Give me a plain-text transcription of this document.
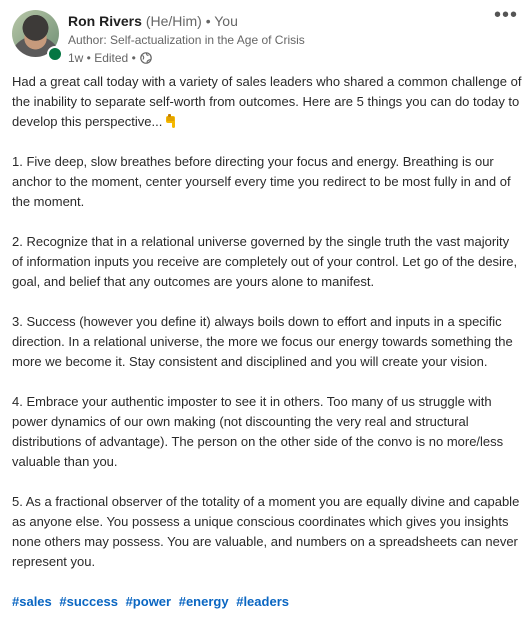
Ron Rivers (He/Him) • You
Author: Self-actualization in the Age of Crisis
1w • Edited •
•••

Had a great call today with a variety of sales leaders who shared a common challenge of the inability to separate self-worth from outcomes. Here are 5 things you can do today to develop this perspective...

1. Five deep, slow breathes before directing your focus and energy. Breathing is our anchor to the moment, center yourself every time you redirect to be most fully in and of the moment.

2. Recognize that in a relational universe governed by the single truth the vast majority of information inputs you receive are completely out of your control. Let go of the desire, goal, and belief that any outcomes are yours alone to manifest.

3. Success (however you define it) always boils down to effort and inputs in a specific direction. In a relational universe, the more we focus our energy towards something the more we become it. Stay consistent and disciplined and you will create your vision.

4. Embrace your authentic imposter to see it in others. Too many of us struggle with power dynamics of our own making (not discounting the very real and structural distributions of advantage). The person on the other side of the convo is no more/less valuable than you.

5. As a fractional observer of the totality of a moment you are equally divine and capable as anyone else. You possess a unique conscious coordinates which gives you insights none others may possess. You are valuable, and numbers on a spreadsheets can never represent you.

#sales #success #power #energy #leaders
